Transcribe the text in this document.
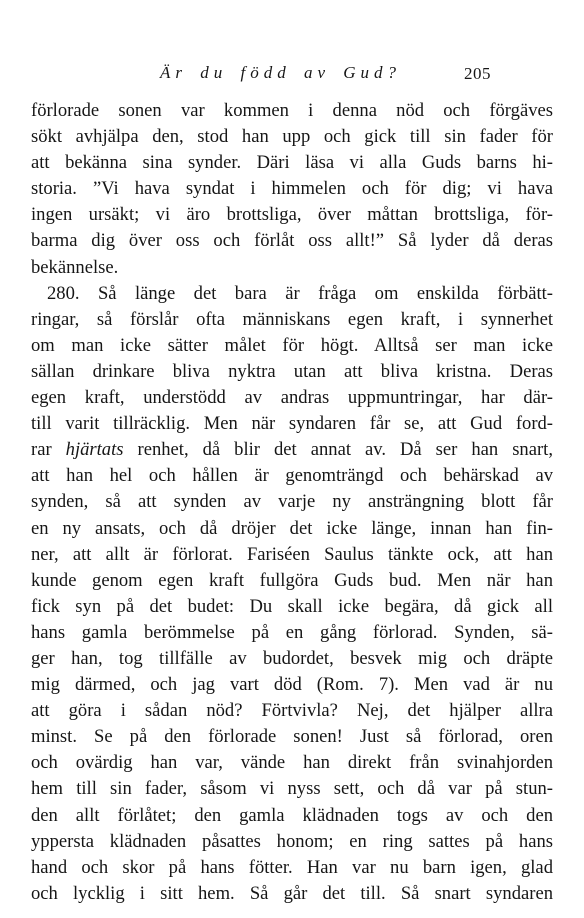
Är du född av Gud?	205
förlorade sonen var kommen i denna nöd och förgäves
sökt avhjälpa den, stod han upp och gick till sin fader för
att bekänna sina synder. Däri läsa vi alla Guds barns hi-
storia. ”Vi hava syndat i himmelen och för dig; vi hava
ingen ursäkt; vi äro brottsliga, över måttan brottsliga, för-
barma dig över oss och förlåt oss allt!” Så lyder då deras
bekännelse.
280. Så länge det bara är fråga om enskilda förbätt-
ringar, så förslår ofta människans egen kraft, i synnerhet
om man icke sätter målet för högt. Alltså ser man icke
sällan drinkare bliva nyktra utan att bliva kristna. Deras
egen kraft, understödd av andras uppmuntringar, har där-
till varit tillräcklig. Men när syndaren får se, att Gud ford-
rar hjärtats renhet, då blir det annat av. Då ser han snart,
att han hel och hållen är genomträngd och behärskad av
synden, så att synden av varje ny ansträngning blott får
en ny ansats, och då dröjer det icke länge, innan han fin-
ner, att allt är förlorat. Fariséen Saulus tänkte ock, att han
kunde genom egen kraft fullgöra Guds bud. Men när han
fick syn på det budet: Du skall icke begära, då gick all
hans gamla berömmelse på en gång förlorad. Synden, sä-
ger han, tog tillfälle av budordet, besvek mig och dräpte
mig därmed, och jag vart död (Rom. 7). Men vad är nu
att göra i sådan nöd? Förtvivla? Nej, det hjälper allra
minst. Se på den förlorade sonen! Just så förlorad, oren
och ovärdig han var, vände han direkt från svinahjorden
hem till sin fader, såsom vi nyss sett, och då var på stun-
den allt förlåtet; den gamla klädnaden togs av och den
yppersta klädnaden påsattes honom; en ring sattes på hans
hand och skor på hans fötter. Han var nu barn igen, glad
och lycklig i sitt hem. Så går det till. Så snart syndaren
